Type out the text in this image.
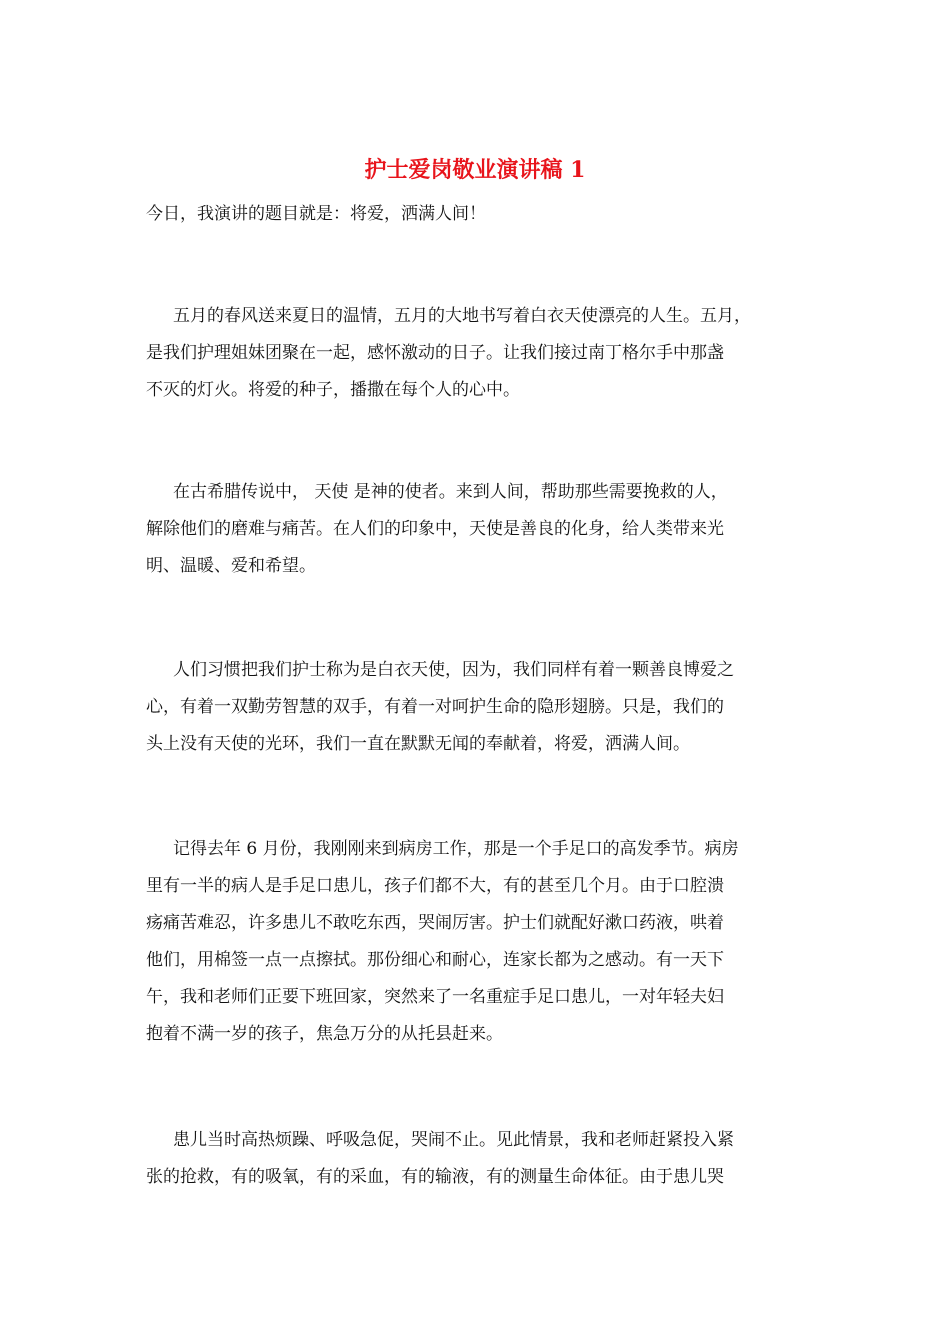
护士爱岗敬业演讲稿 1
今日，我演讲的题目就是：将爱，洒满人间！
五月的春风送来夏日的温情，五月的大地书写着白衣天使漂亮的人生。五月，
是我们护理姐妹团聚在一起，感怀激动的日子。让我们接过南丁格尔手中那盏
不灭的灯火。将爱的种子，播撒在每个人的心中。
在古希腊传说中， 天使 是神的使者。来到人间，帮助那些需要挽救的人，
解除他们的磨难与痛苦。在人们的印象中，天使是善良的化身，给人类带来光
明、温暖、爱和希望。
人们习惯把我们护士称为是白衣天使，因为，我们同样有着一颗善良博爱之
心，有着一双勤劳智慧的双手，有着一对呵护生命的隐形翅膀。只是，我们的
头上没有天使的光环，我们一直在默默无闻的奉献着，将爱，洒满人间。
记得去年 6 月份，我刚刚来到病房工作，那是一个手足口的高发季节。病房
里有一半的病人是手足口患儿，孩子们都不大，有的甚至几个月。由于口腔溃
疡痛苦难忍，许多患儿不敢吃东西，哭闹厉害。护士们就配好漱口药液，哄着
他们，用棉签一点一点擦拭。那份细心和耐心，连家长都为之感动。有一天下
午，我和老师们正要下班回家，突然来了一名重症手足口患儿，一对年轻夫妇
抱着不满一岁的孩子，焦急万分的从托县赶来。
患儿当时高热烦躁、呼吸急促，哭闹不止。见此情景，我和老师赶紧投入紧
张的抢救，有的吸氧，有的采血，有的输液，有的测量生命体征。由于患儿哭
